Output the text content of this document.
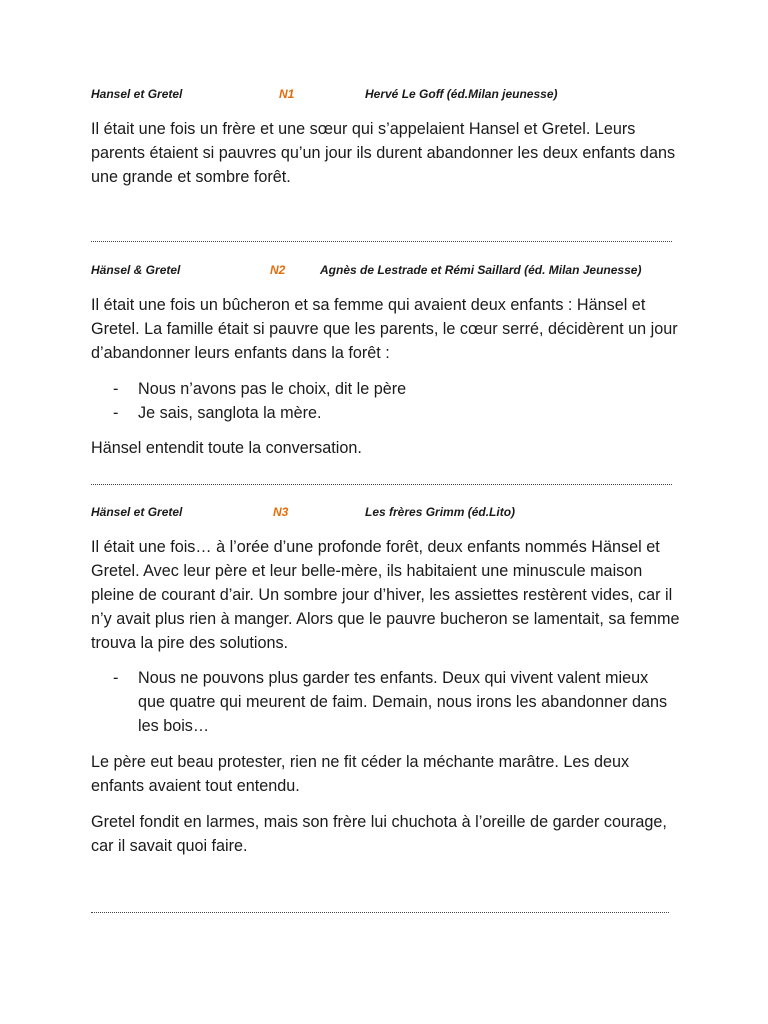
Hansel et Gretel	N1	Hervé Le Goff (éd.Milan jeunesse)

Il était une fois un frère et une sœur qui s’appelaient Hansel et Gretel. Leurs parents étaient si pauvres qu’un jour ils durent abandonner les deux enfants dans une grande et sombre forêt.

Hänsel & Gretel	N2	Agnès de Lestrade et Rémi Saillard (éd. Milan Jeunesse)

Il était une fois un bûcheron et sa femme qui avaient deux enfants : Hänsel et Gretel. La famille était si pauvre que les parents, le cœur serré, décidèrent un jour d’abandonner leurs enfants dans la forêt :

- Nous n’avons pas le choix, dit le père
- Je sais, sanglota la mère.

Hänsel entendit toute la conversation.

Hänsel et Gretel	N3	Les frères Grimm (éd.Lito)

Il était une fois… à l’orée d’une profonde forêt, deux enfants nommés Hänsel et Gretel. Avec leur père et leur belle-mère, ils habitaient une minuscule maison pleine de courant d’air. Un sombre jour d’hiver, les assiettes restèrent vides, car il n’y avait plus rien à manger. Alors que le pauvre bucheron se lamentait, sa femme trouva la pire des solutions.

- Nous ne pouvons plus garder tes enfants. Deux qui vivent valent mieux que quatre qui meurent de faim. Demain, nous irons les abandonner dans les bois…

Le père eut beau protester, rien ne fit céder la méchante marâtre. Les deux enfants avaient tout entendu.

Gretel fondit en larmes, mais son frère lui chuchota à l’oreille de garder courage, car il savait quoi faire.
